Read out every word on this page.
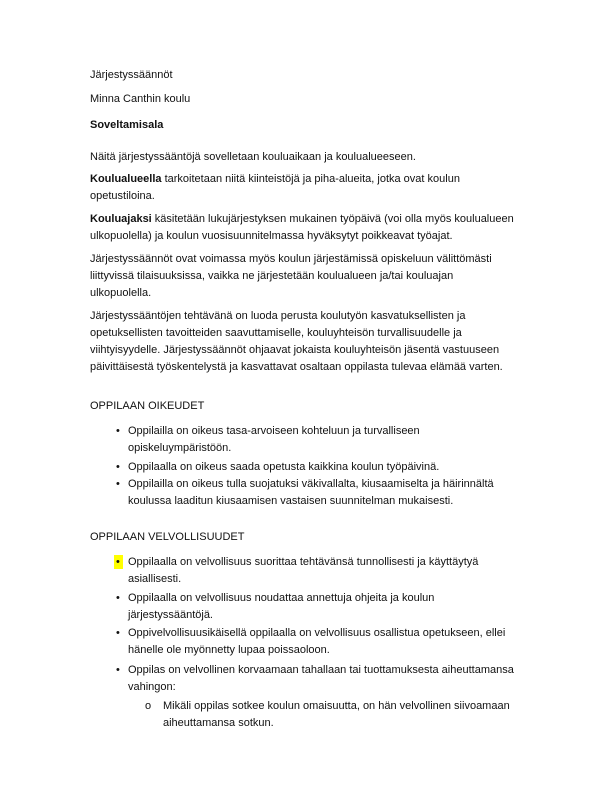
Järjestyssäännöt
Minna Canthin koulu
Soveltamisala
Näitä järjestyssääntöjä sovelletaan kouluaikaan ja koulualueeseen.
Koulualueella tarkoitetaan niitä kiinteistöjä ja piha-alueita, jotka ovat koulun
opetustiloina.
Kouluajaksi käsitetään lukujärjestyksen mukainen työpäivä (voi olla myös koulualueen
ulkopuolella) ja koulun vuosisuunnitelmassa hyväksytyt poikkeavat työajat.
Järjestyssäännöt ovat voimassa myös koulun järjestämissä opiskeluun välittömästi
liittyvissä tilaisuuksissa, vaikka ne järjestetään koulualueen ja/tai kouluajan
ulkopuolella.
Järjestyssääntöjen tehtävänä on luoda perusta koulutyön kasvatuksellisten ja
opetuksellisten tavoitteiden saavuttamiselle, kouluyhteisön turvallisuudelle ja
viihtyisyydelle. Järjestyssäännöt ohjaavat jokaista kouluyhteisön jäsentä vastuuseen
päivittäisestä työskentelystä ja kasvattavat osaltaan oppilasta tulevaa elämää varten.
OPPILAAN OIKEUDET
• Oppilailla on oikeus tasa-arvoiseen kohteluun ja turvalliseen
opiskeluympäristöön.
• Oppilaalla on oikeus saada opetusta kaikkina koulun työpäivinä.
• Oppilailla on oikeus tulla suojatuksi väkivallalta, kiusaamiselta ja häirinnältä
koulussa laaditun kiusaamisen vastaisen suunnitelman mukaisesti.
OPPILAAN VELVOLLISUUDET
• Oppilaalla on velvollisuus suorittaa tehtävänsä tunnollisesti ja käyttäytyä
asiallisesti.
• Oppilaalla on velvollisuus noudattaa annettuja ohjeita ja koulun
järjestyssääntöjä.
• Oppivelvollisuusikäisellä oppilaalla on velvollisuus osallistua opetukseen, ellei
hänelle ole myönnetty lupaa poissaoloon.
• Oppilas on velvollinen korvaamaan tahallaan tai tuottamuksesta aiheuttamansa
vahingon:
o Mikäli oppilas sotkee koulun omaisuutta, on hän velvollinen siivoamaan
aiheuttamansa sotkun.
